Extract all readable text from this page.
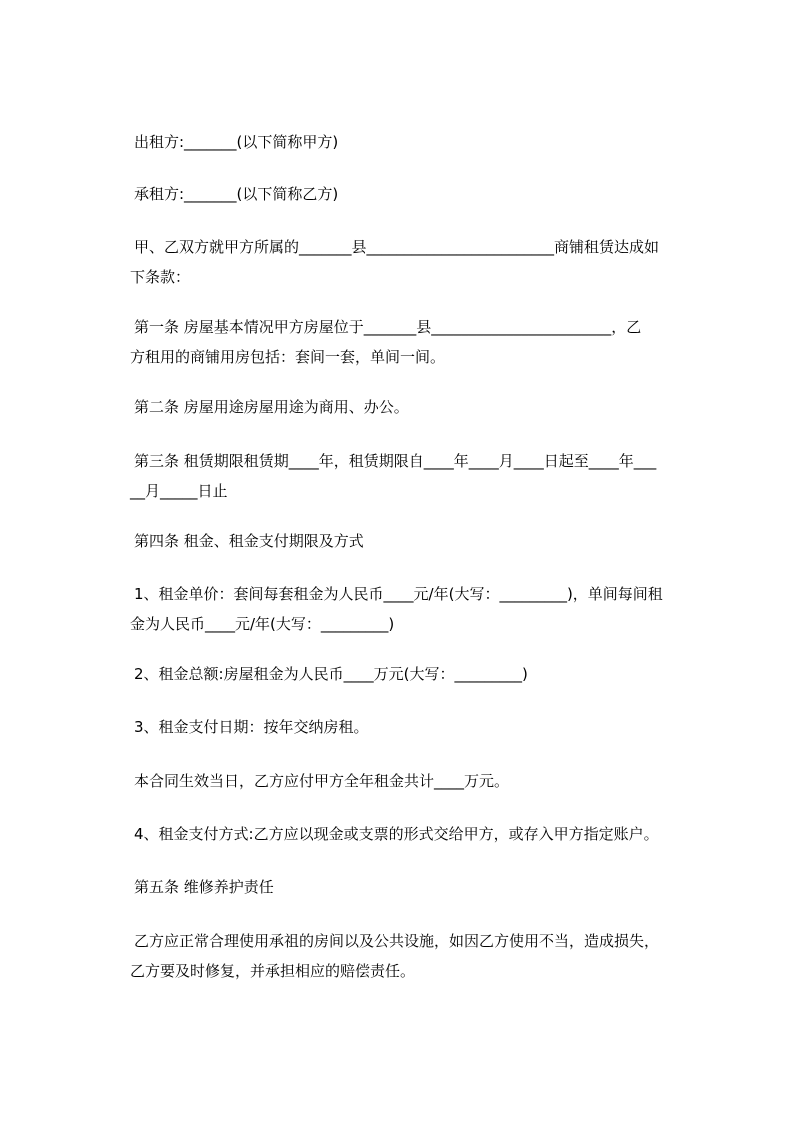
出租方:_______(以下简称甲方)

承租方:_______(以下简称乙方)

甲、乙双方就甲方所属的_______县_________________________商铺租赁达成如
下条款：

第一条 房屋基本情况甲方房屋位于_______县________________________，乙
方租用的商铺用房包括：套间一套，单间一间。

第二条 房屋用途房屋用途为商用、办公。

第三条 租赁期限租赁期____年，租赁期限自____年____月____日起至____年___
__月_____日止

第四条 租金、租金支付期限及方式

1、租金单价：套间每套租金为人民币____元/年(大写：_________)，单间每间租
金为人民币____元/年(大写：_________)

2、租金总额:房屋租金为人民币____万元(大写：_________)

3、租金支付日期：按年交纳房租。

本合同生效当日，乙方应付甲方全年租金共计____万元。

4、租金支付方式:乙方应以现金或支票的形式交给甲方，或存入甲方指定账户。

第五条 维修养护责任

乙方应正常合理使用承祖的房间以及公共设施，如因乙方使用不当，造成损失，
乙方要及时修复，并承担相应的赔偿责任。
